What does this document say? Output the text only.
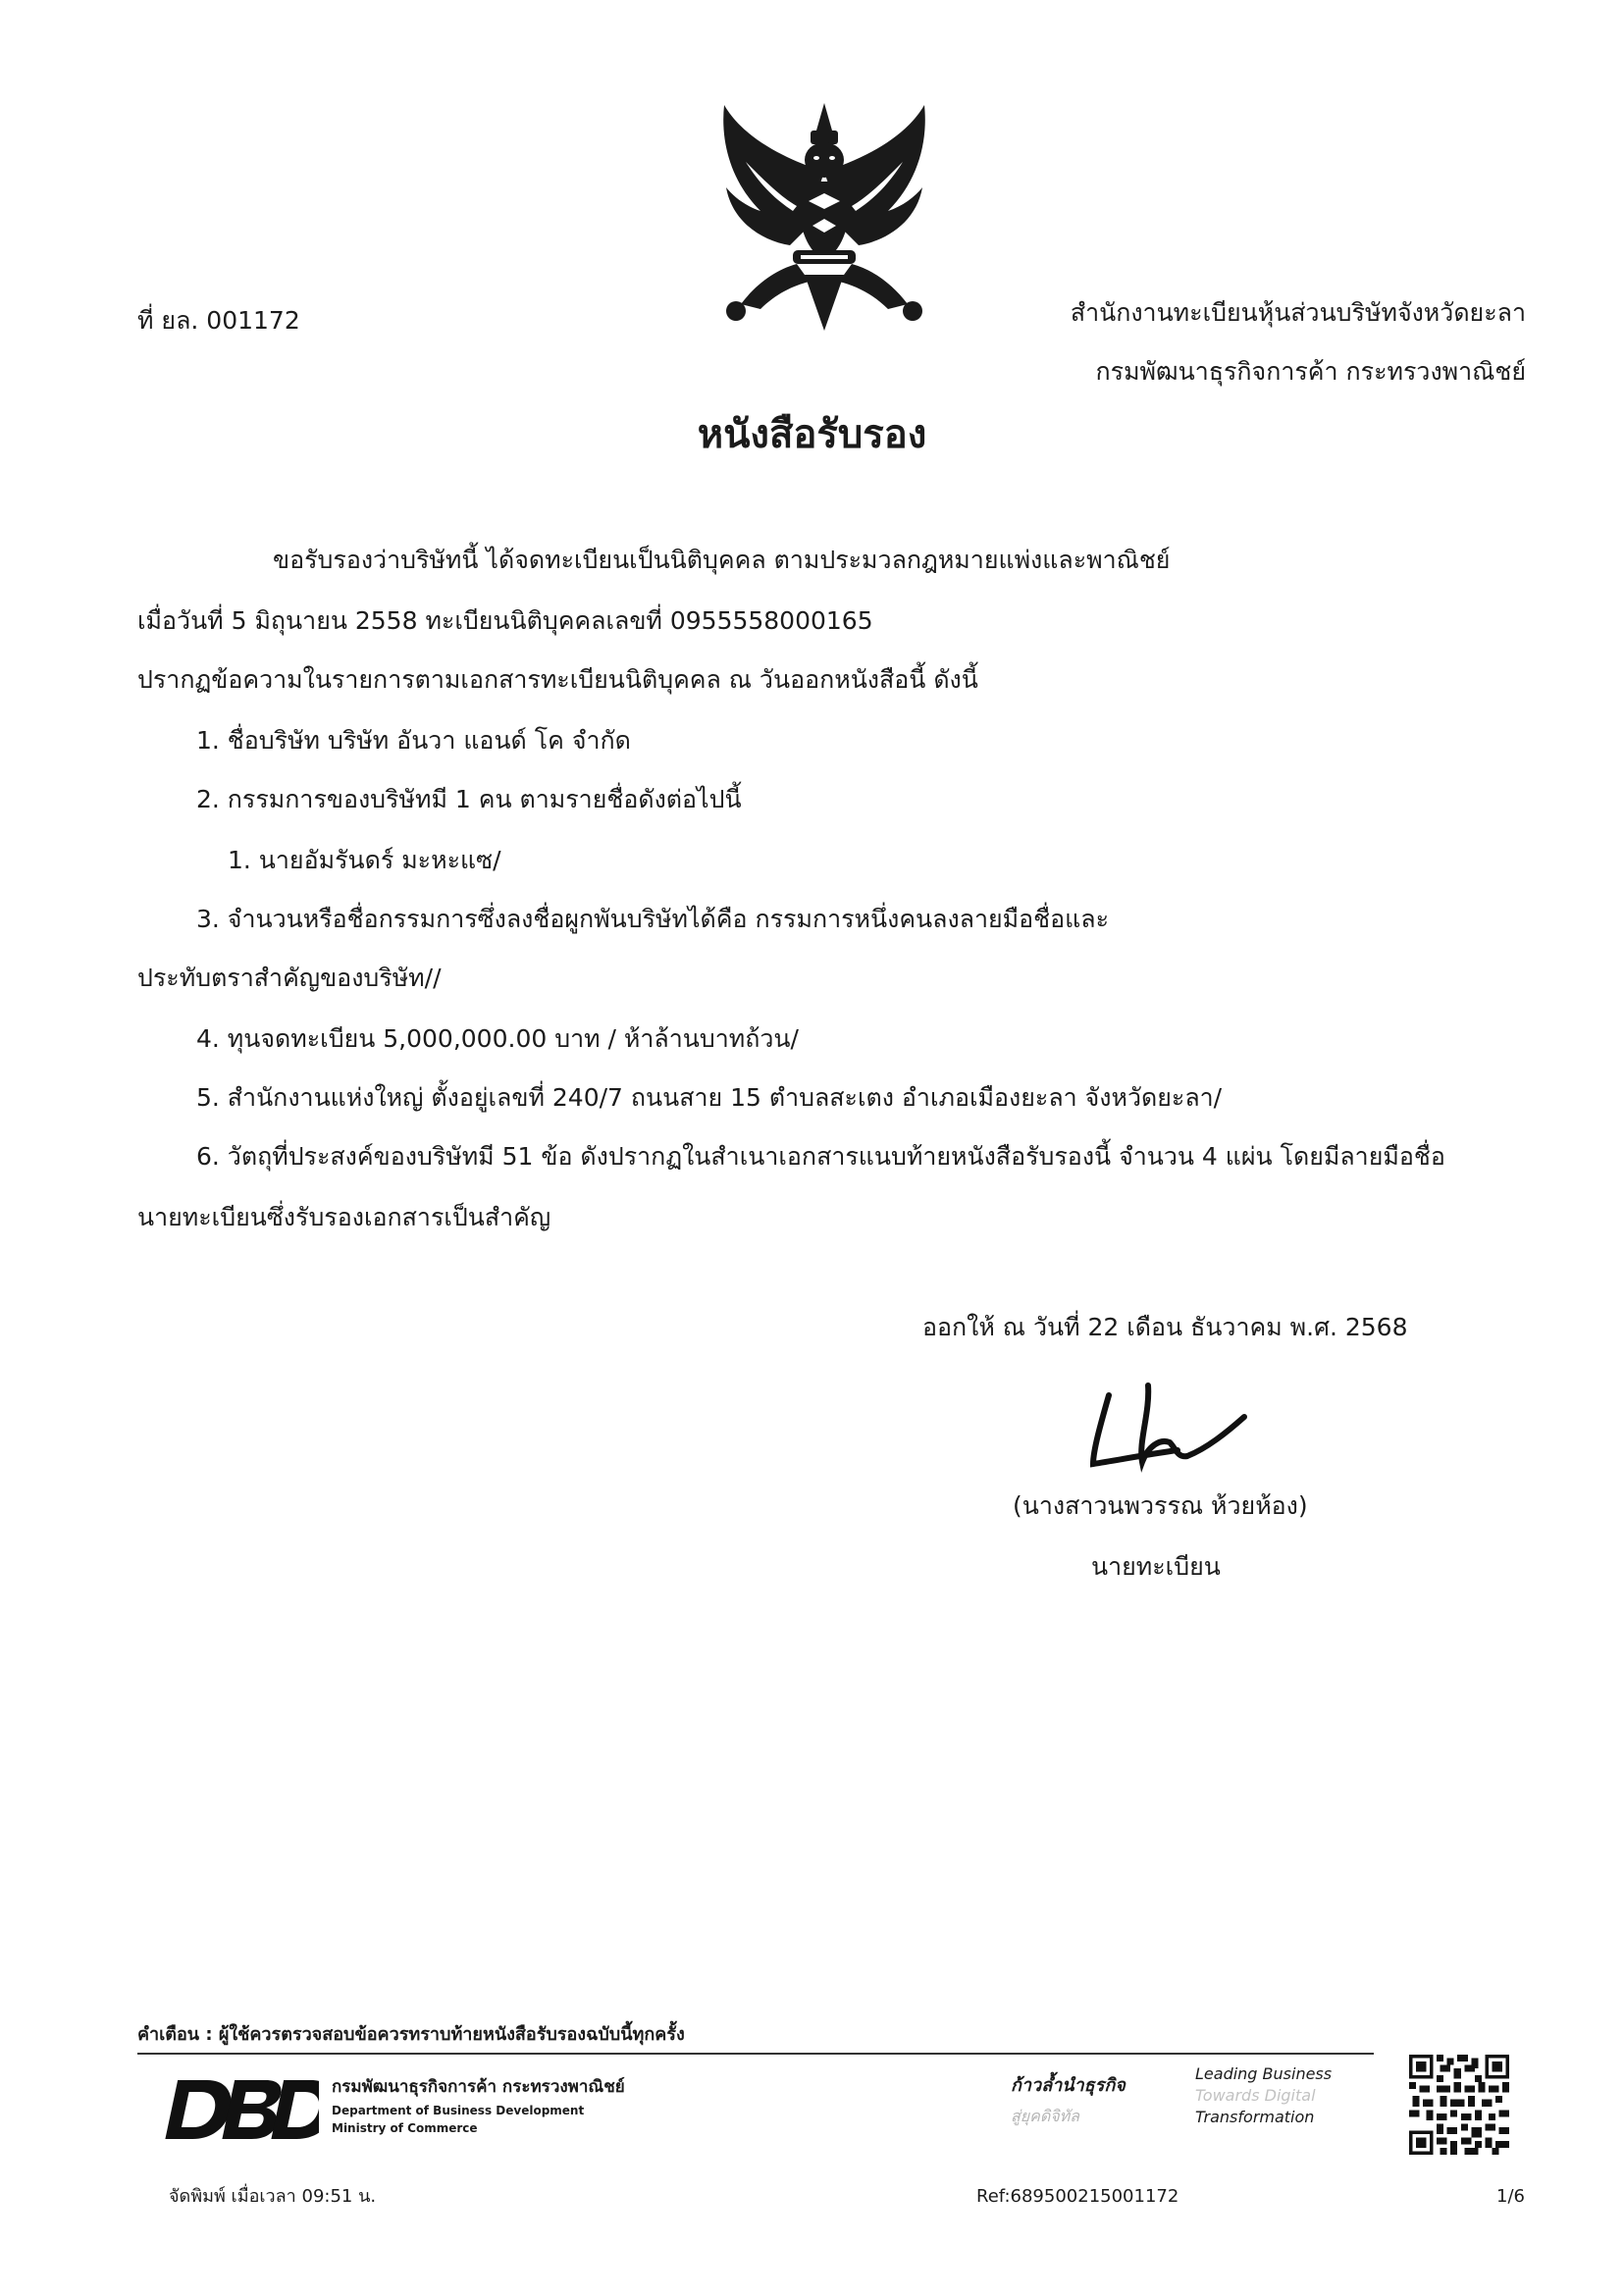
ที่ ยล. 001172	สำนักงานทะเบียนหุ้นส่วนบริษัทจังหวัดยะลา
กรมพัฒนาธุรกิจการค้า กระทรวงพาณิชย์
หนังสือรับรอง
ขอรับรองว่าบริษัทนี้ ได้จดทะเบียนเป็นนิติบุคคล ตามประมวลกฎหมายแพ่งและพาณิชย์
เมื่อวันที่ 5 มิถุนายน 2558 ทะเบียนนิติบุคคลเลขที่ 0955558000165
ปรากฏข้อความในรายการตามเอกสารทะเบียนนิติบุคคล ณ วันออกหนังสือนี้ ดังนี้
1. ชื่อบริษัท บริษัท อันวา แอนด์ โค จำกัด
2. กรรมการของบริษัทมี 1 คน ตามรายชื่อดังต่อไปนี้
1. นายอัมรันดร์ มะหะแซ/
3. จำนวนหรือชื่อกรรมการซึ่งลงชื่อผูกพันบริษัทได้คือ กรรมการหนึ่งคนลงลายมือชื่อและ
ประทับตราสำคัญของบริษัท//
4. ทุนจดทะเบียน 5,000,000.00 บาท / ห้าล้านบาทถ้วน/
5. สำนักงานแห่งใหญ่ ตั้งอยู่เลขที่ 240/7 ถนนสาย 15 ตำบลสะเตง อำเภอเมืองยะลา จังหวัดยะลา/
6. วัตถุที่ประสงค์ของบริษัทมี 51 ข้อ ดังปรากฏในสำเนาเอกสารแนบท้ายหนังสือรับรองนี้ จำนวน 4 แผ่น โดยมีลายมือชื่อ
นายทะเบียนซึ่งรับรองเอกสารเป็นสำคัญ
ออกให้ ณ วันที่ 22 เดือน ธันวาคม พ.ศ. 2568
(นางสาวนพวรรณ ห้วยห้อง)
นายทะเบียน
คำเตือน : ผู้ใช้ควรตรวจสอบข้อควรทราบท้ายหนังสือรับรองฉบับนี้ทุกครั้ง
กรมพัฒนาธุรกิจการค้า กระทรวงพาณิชย์
Department of Business Development
Ministry of Commerce
ก้าวล้ำนำธุรกิจ
สู่ยุคดิจิทัล
Leading Business
Towards Digital
Transformation
จัดพิมพ์ เมื่อเวลา 09:51 น.	Ref:689500215001172	1/6
